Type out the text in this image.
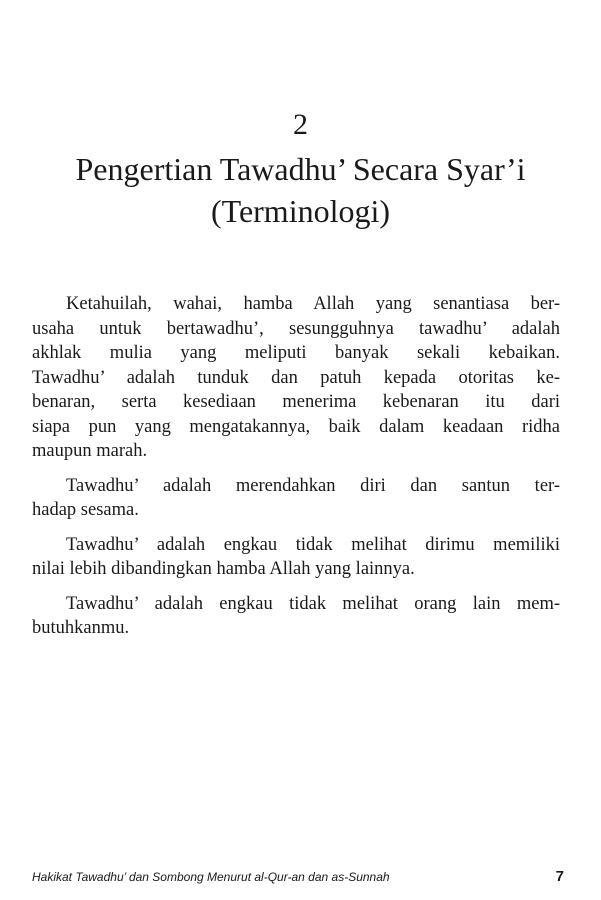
2
Pengertian Tawadhu’ Secara Syar’i
(Terminologi)
Ketahuilah, wahai, hamba Allah yang senantiasa ber-
usaha untuk bertawadhu’, sesungguhnya tawadhu’ adalah
akhlak mulia yang meliputi banyak sekali kebaikan.
Tawadhu’ adalah tunduk dan patuh kepada otoritas ke-
benaran, serta kesediaan menerima kebenaran itu dari
siapa pun yang mengatakannya, baik dalam keadaan ridha
maupun marah.
Tawadhu’ adalah merendahkan diri dan santun ter-
hadap sesama.
Tawadhu’ adalah engkau tidak melihat dirimu memiliki
nilai lebih dibandingkan hamba Allah yang lainnya.
Tawadhu’ adalah engkau tidak melihat orang lain mem-
butuhkanmu.
Hakikat Tawadhu’ dan Sombong Menurut al-Qur-an dan as-Sunnah	7
